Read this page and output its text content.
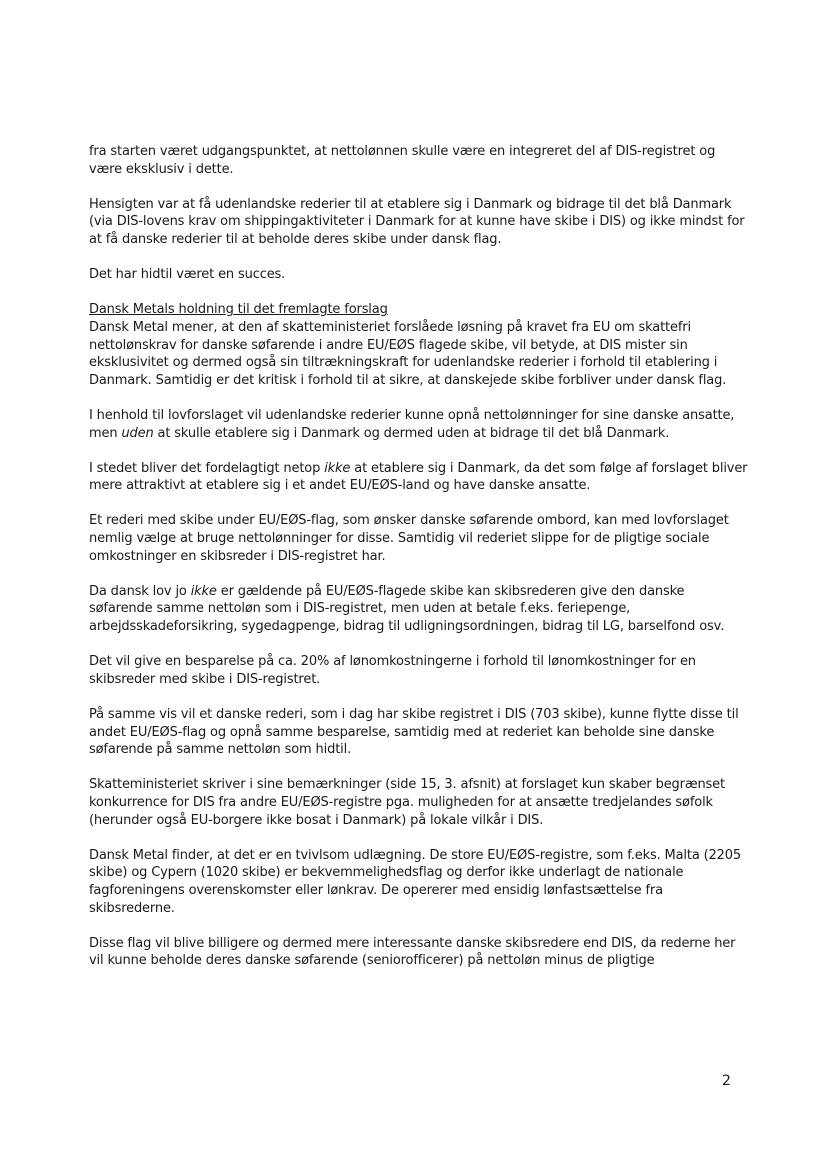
fra starten været udgangspunktet, at nettolønnen skulle være en integreret del af DIS-registret og være eksklusiv i dette.

Hensigten var at få udenlandske rederier til at etablere sig i Danmark og bidrage til det blå Danmark (via DIS-lovens krav om shippingaktiviteter i Danmark for at kunne have skibe i DIS) og ikke mindst for at få danske rederier til at beholde deres skibe under dansk flag.

Det har hidtil været en succes.

Dansk Metals holdning til det fremlagte forslag
Dansk Metal mener, at den af skatteministeriet forslåede løsning på kravet fra EU om skattefri nettolønskrav for danske søfarende i andre EU/EØS flagede skibe, vil betyde, at DIS mister sin eksklusivitet og dermed også sin tiltrækningskraft for udenlandske rederier i forhold til etablering i Danmark. Samtidig er det kritisk i forhold til at sikre, at danskejede skibe forbliver under dansk flag.

I henhold til lovforslaget vil udenlandske rederier kunne opnå nettolønninger for sine danske ansatte, men uden at skulle etablere sig i Danmark og dermed uden at bidrage til det blå Danmark.

I stedet bliver det fordelagtigt netop ikke at etablere sig i Danmark, da det som følge af forslaget bliver mere attraktivt at etablere sig i et andet EU/EØS-land og have danske ansatte.

Et rederi med skibe under EU/EØS-flag, som ønsker danske søfarende ombord, kan med lovforslaget nemlig vælge at bruge nettolønninger for disse. Samtidig vil rederiet slippe for de pligtige sociale omkostninger en skibsreder i DIS-registret har.

Da dansk lov jo ikke er gældende på EU/EØS-flagede skibe kan skibsrederen give den danske søfarende samme nettoløn som i DIS-registret, men uden at betale f.eks. feriepenge, arbejdsskadeforsikring, sygedagpenge, bidrag til udligningsordningen, bidrag til LG, barselfond osv.

Det vil give en besparelse på ca. 20% af lønomkostningerne i forhold til lønomkostninger for en skibsreder med skibe i DIS-registret.

På samme vis vil et danske rederi, som i dag har skibe registret i DIS (703 skibe), kunne flytte disse til andet EU/EØS-flag og opnå samme besparelse, samtidig med at rederiet kan beholde sine danske søfarende på samme nettoløn som hidtil.

Skatteministeriet skriver i sine bemærkninger (side 15, 3. afsnit) at forslaget kun skaber begrænset konkurrence for DIS fra andre EU/EØS-registre pga. muligheden for at ansætte tredjelandes søfolk (herunder også EU-borgere ikke bosat i Danmark) på lokale vilkår i DIS.

Dansk Metal finder, at det er en tvivlsom udlægning. De store EU/EØS-registre, som f.eks. Malta (2205 skibe) og Cypern (1020 skibe) er bekvemmelighedsflag og derfor ikke underlagt de nationale fagforeningens overenskomster eller lønkrav. De opererer med ensidig lønfastsættelse fra skibsrederne.

Disse flag vil blive billigere og dermed mere interessante danske skibsredere end DIS, da rederne her vil kunne beholde deres danske søfarende (seniorofficerer) på nettoløn minus de pligtige

2
